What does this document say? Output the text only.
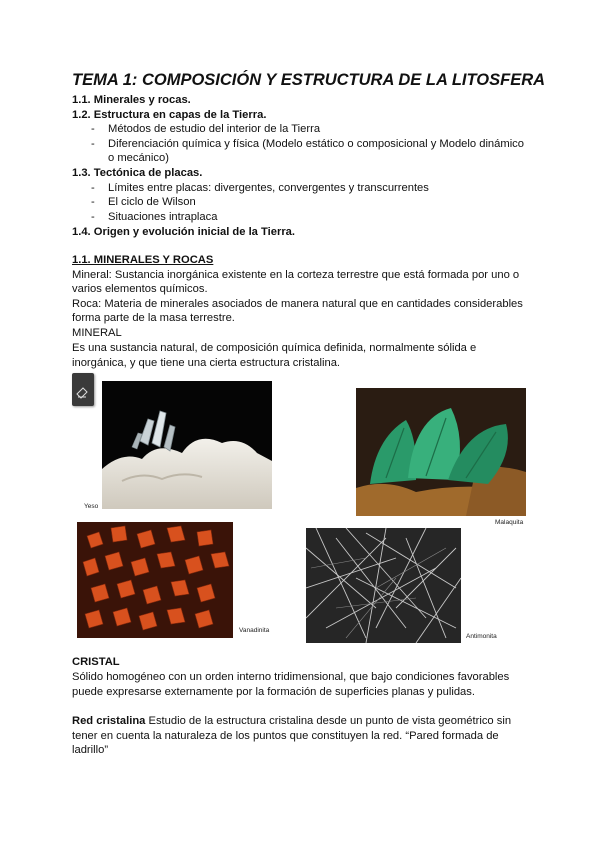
TEMA 1: COMPOSICIÓN Y ESTRUCTURA DE LA LITOSFERA
1.1. Minerales y rocas.
1.2. Estructura en capas de la Tierra.
- Métodos de estudio del interior de la Tierra
- Diferenciación química y física (Modelo estático o composicional y Modelo dinámico
o mecánico)
1.3. Tectónica de placas.
- Límites entre placas: divergentes, convergentes y transcurrentes
- El ciclo de Wilson
- Situaciones intraplaca
1.4. Origen y evolución inicial de la Tierra.
1.1. MINERALES Y ROCAS
Mineral: Sustancia inorgánica existente en la corteza terrestre que está formada por uno o
varios elementos químicos.
Roca: Materia de minerales asociados de manera natural que en cantidades considerables
forma parte de la masa terrestre.
MINERAL
Es una sustancia natural, de composición química definida, normalmente sólida e
inorgánica, y que tiene una cierta estructura cristalina.
Yeso
Malaquita
Vanadinita
Antimonita
CRISTAL
Sólido homogéneo con un orden interno tridimensional, que bajo condiciones favorables
puede expresarse externamente por la formación de superficies planas y pulidas.
Red cristalina Estudio de la estructura cristalina desde un punto de vista geométrico sin
tener en cuenta la naturaleza de los puntos que constituyen la red. “Pared formada de
ladrillo”
